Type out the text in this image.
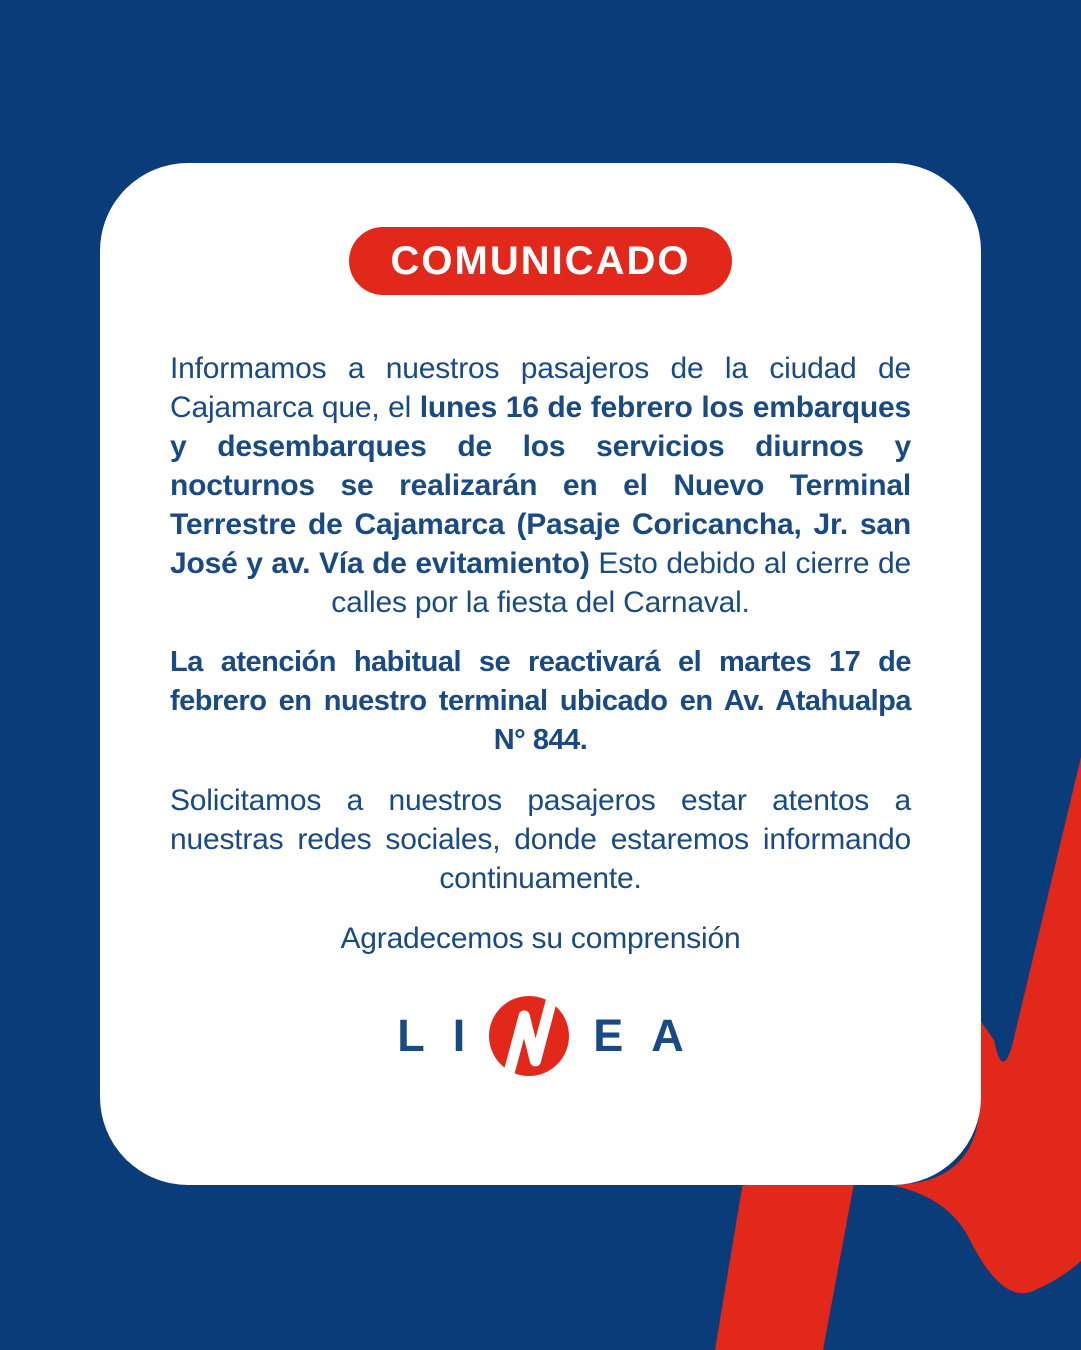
COMUNICADO

Informamos a nuestros pasajeros de la ciudad de Cajamarca que, el lunes 16 de febrero los embarques y desembarques de los servicios diurnos y nocturnos se realizarán en el Nuevo Terminal Terrestre de Cajamarca (Pasaje Coricancha, Jr. san José y av. Vía de evitamiento) Esto debido al cierre de calles por la fiesta del Carnaval.

La atención habitual se reactivará el martes 17 de febrero en nuestro terminal ubicado en Av. Atahualpa N° 844.

Solicitamos a nuestros pasajeros estar atentos a nuestras redes sociales, donde estaremos informando continuamente.

Agradecemos su comprensión

L I	E A
